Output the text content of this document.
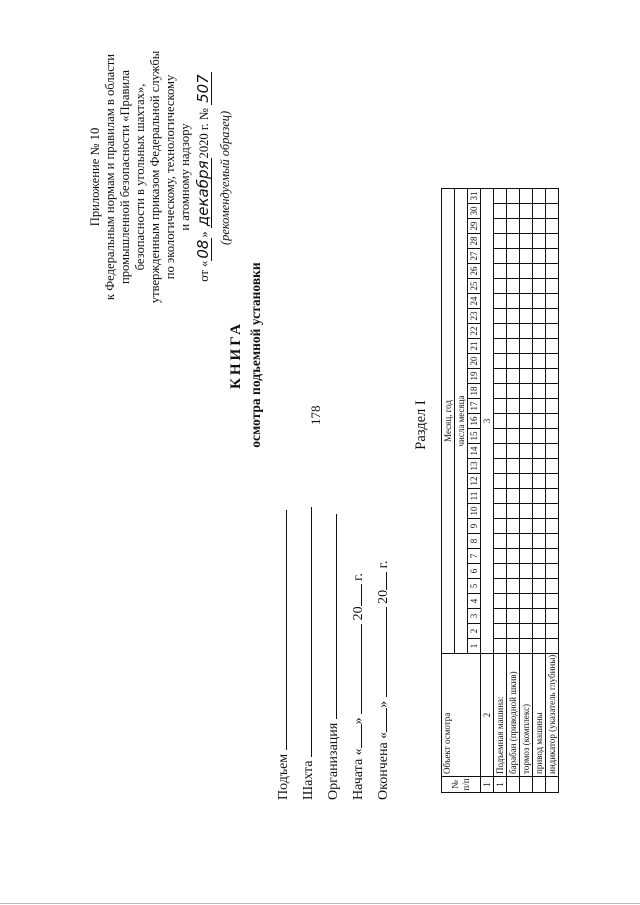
178
Приложение № 10 к Федеральным нормам и правилам в области промышленной безопасности «Правила безопасности в угольных шахтах», утвержденным приказом Федеральной службы по экологическому, технологическому и атомному надзору
от «08» декабря2020 г. № 507
(рекомендуемый образец)
КНИГА осмотра подъемной установки
Подъем Шахта Организация Начата «»  20 г.
Окончена «»  20 г.
Раздел I
№ п/п	Объект осмотра	Месяц, год																														
		числа месяца																														
		1	2	3	4	5	6	7	8	9	10	11	12	13	14	15	16	17	18	19	20	21	22	23	24	25	26	27	28	29	30	31
1	2	3																														
1	Подъемная машина:																															
	барабан (приводной шкив)																															
	тормоз (комплекс)																															
	привод машины																															
	индикатор (указатель глубины)																															
